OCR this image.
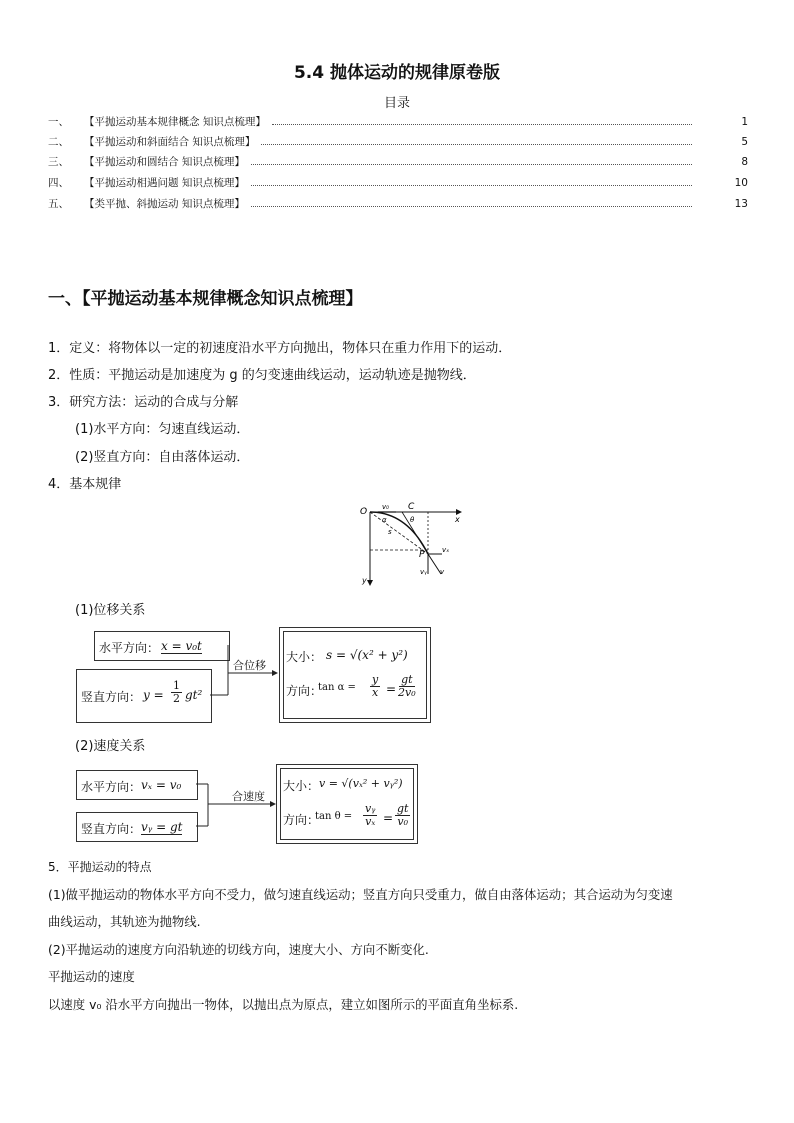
5.4 抛体运动的规律原卷版
目录
一、	【平抛运动基本规律概念 知识点梳理】	1
二、	【平抛运动和斜面结合 知识点梳理】	5
三、	【平抛运动和圆结合 知识点梳理】	8
四、	【平抛运动相遇问题 知识点梳理】	10
五、	【类平抛、斜抛运动 知识点梳理】	13
一、【平抛运动基本规律概念知识点梳理】
1．定义：将物体以一定的初速度沿水平方向抛出，物体只在重力作用下的运动．
2．性质：平抛运动是加速度为 g 的匀变速曲线运动，运动轨迹是抛物线．
3．研究方法：运动的合成与分解
(1)水平方向：匀速直线运动．
(2)竖直方向：自由落体运动．
4．基本规律
O
x
y
C
P
v₀
α	θ
s
vₓ
vᵧ v
(1)位移关系
水平方向： x = v₀t
竖直方向： $y = \frac{1}{2} gt^2$
合位移
大小： s = √(x² + y²)
方向：
$\tan \alpha = \frac{y}{x} = \frac{gt}{\text{2v₀}}$
(2)速度关系
水平方向： vₓ = v₀
竖直方向： vᵧ = gt
合速度
大小： v = √(vₓ² + vᵧ²)
方向：
$\tan \theta = \frac{\text{vᵧ}}{\text{vₓ}} = \frac{gt}{\text{v₀}}$
5．平抛运动的特点
(1)做平抛运动的物体水平方向不受力，做匀速直线运动；竖直方向只受重力，做自由落体运动；其合运动为匀变速
曲线运动，其轨迹为抛物线.
(2)平抛运动的速度方向沿轨迹的切线方向，速度大小、方向不断变化.
平抛运动的速度
以速度 v₀ 沿水平方向抛出一物体，以抛出点为原点，建立如图所示的平面直角坐标系.
